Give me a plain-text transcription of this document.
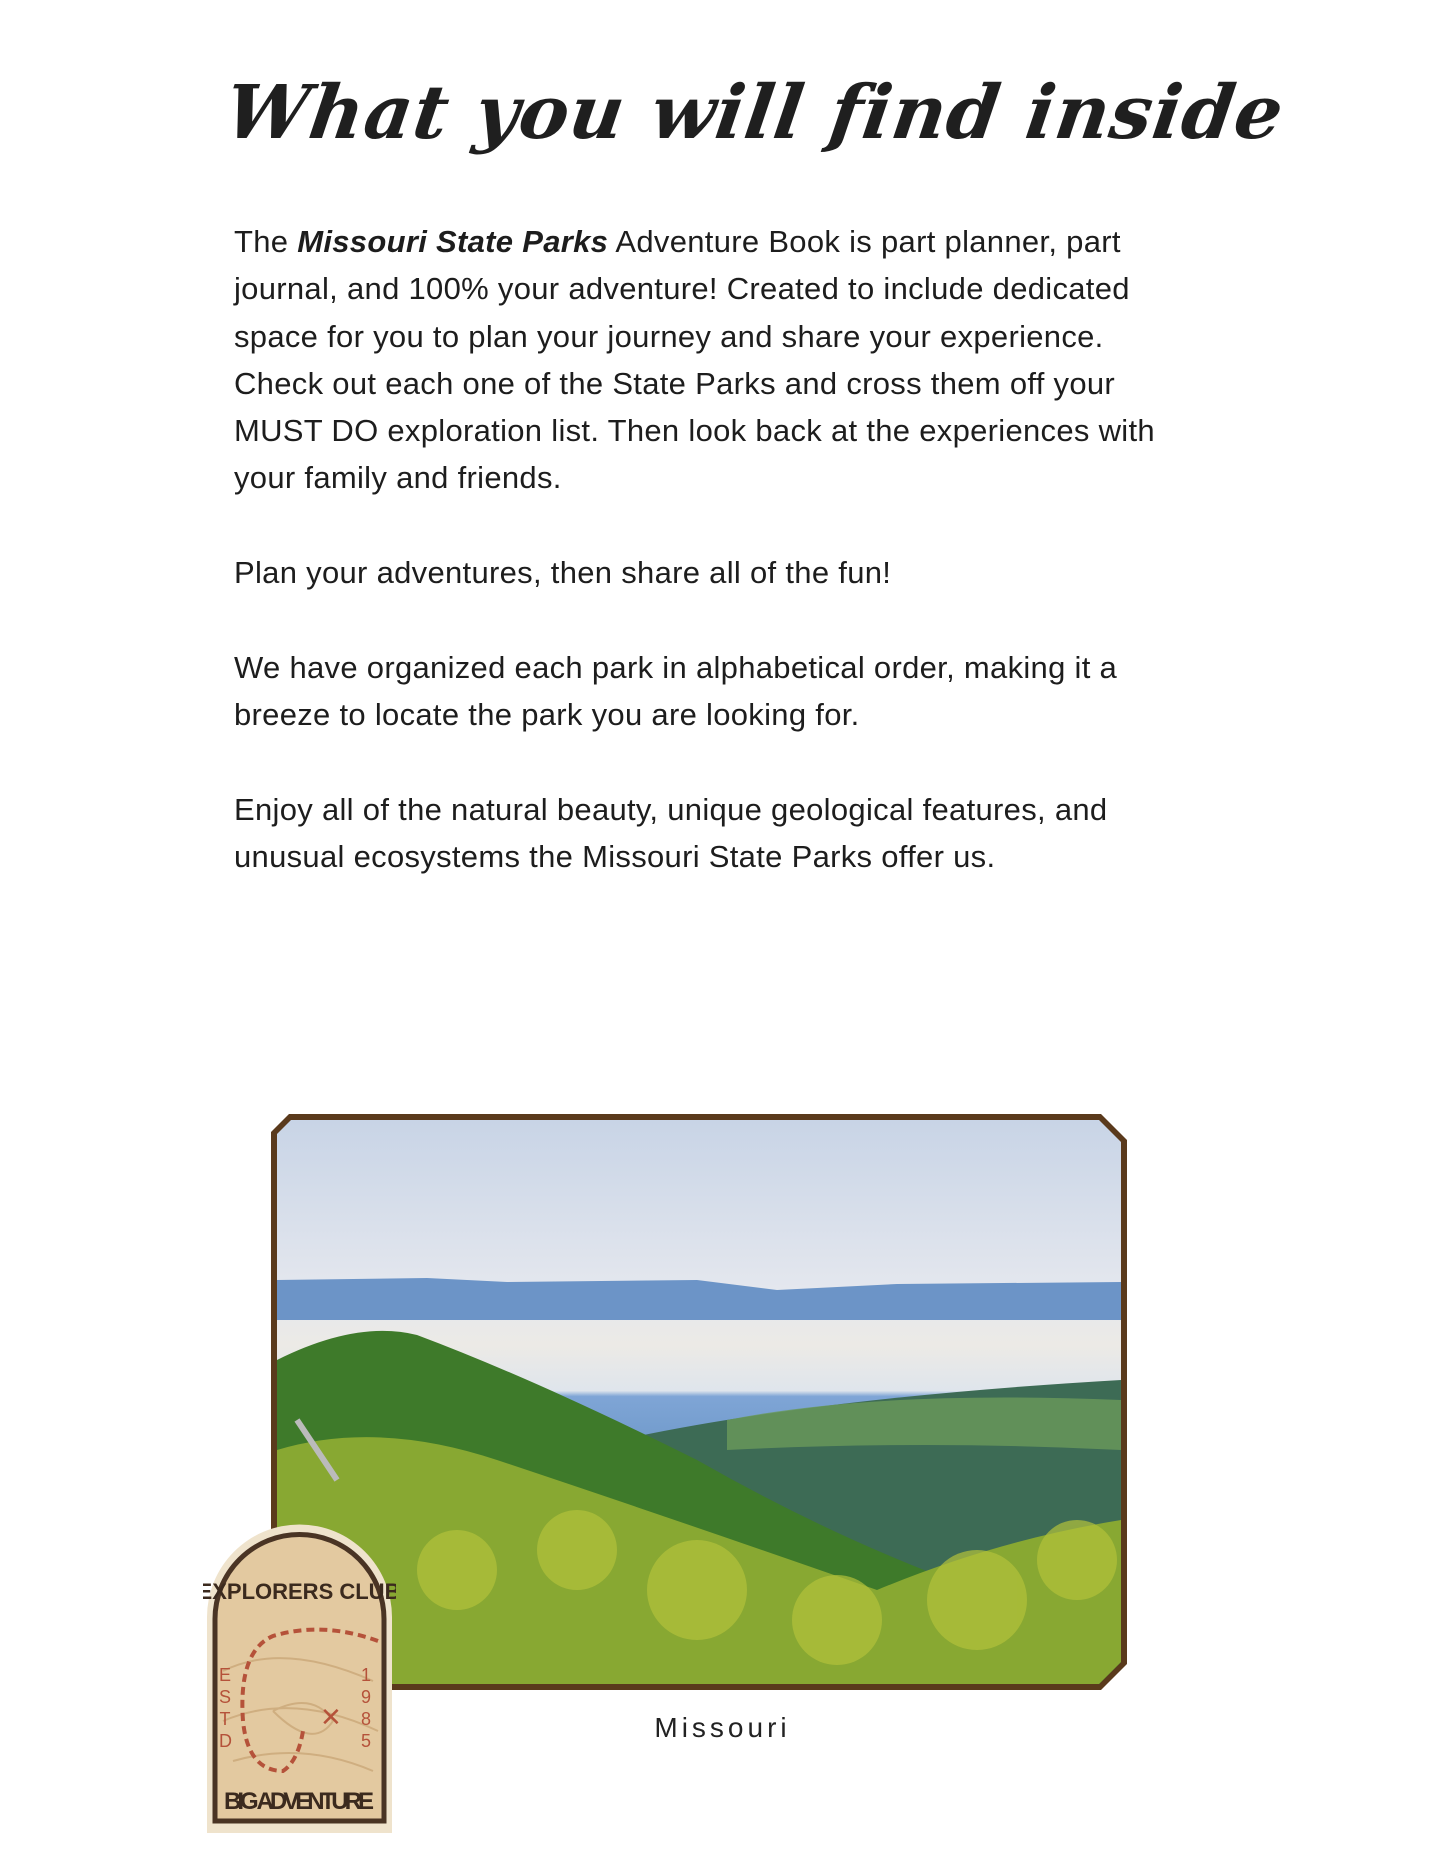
What you will find inside

The Missouri State Parks Adventure Book is part planner, part journal, and 100% your adventure! Created to include dedicated space for you to plan your journey and share your experience. Check out each one of the State Parks and cross them off your MUST DO exploration list. Then look back at the experiences with your family and friends.

Plan your adventures, then share all of the fun!

We have organized each park in alphabetical order, making it a breeze to locate the park you are looking for.

Enjoy all of the natural beauty, unique geological features, and unusual ecosystems the Missouri State Parks offer us.

Missouri
✕
EXPLORERS CLUB
BIG ADVENTURE
ESTD
1985
